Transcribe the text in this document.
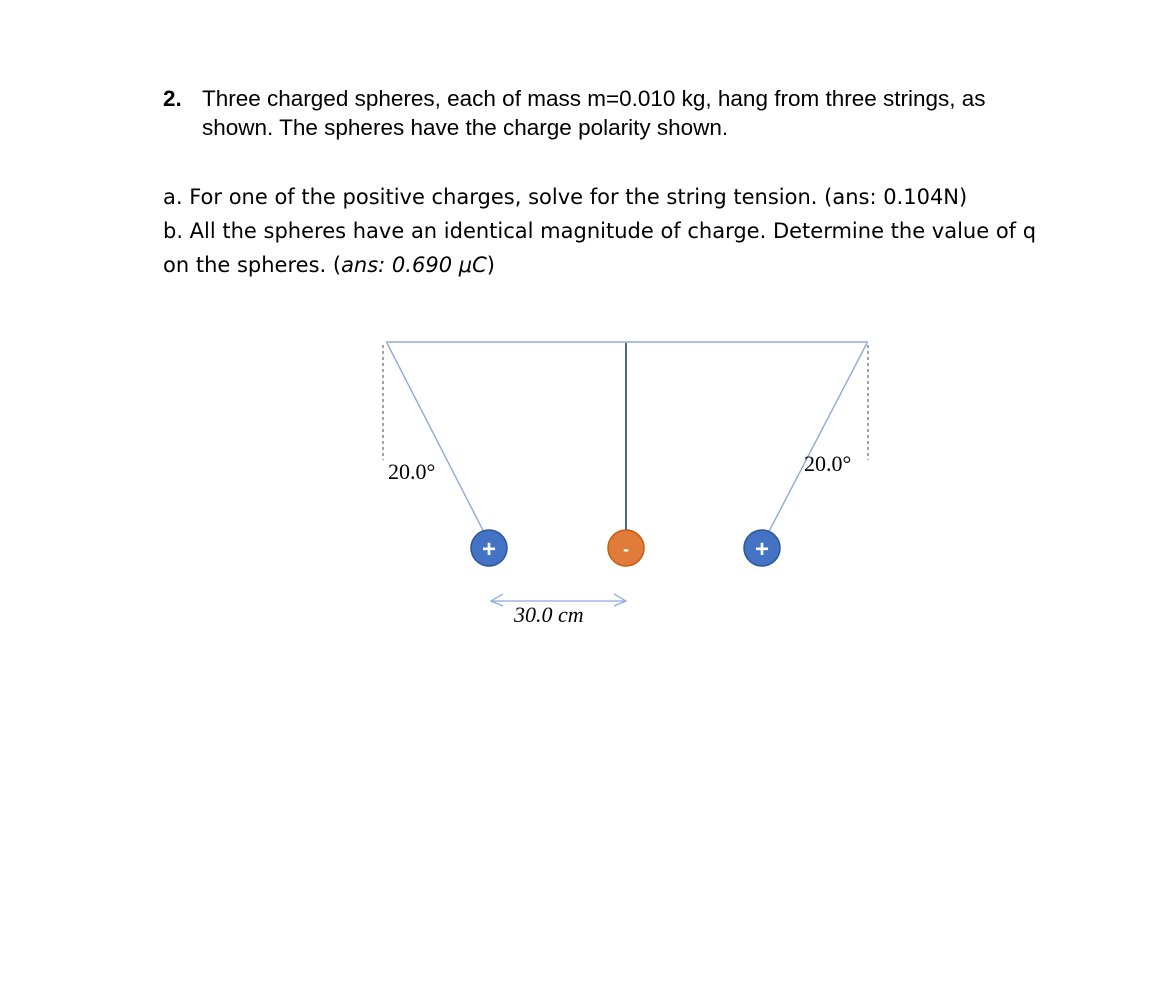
2. Three charged spheres, each of mass m=0.010 kg, hang from three strings, as
shown. The spheres have the charge polarity shown.
a. For one of the positive charges, solve for the string tension. (ans: 0.104N)
b. All the spheres have an identical magnitude of charge. Determine the value of q
on the spheres. (ans: 0.690 μC)
20.0°	20.0°
+	-	+
30.0 cm
